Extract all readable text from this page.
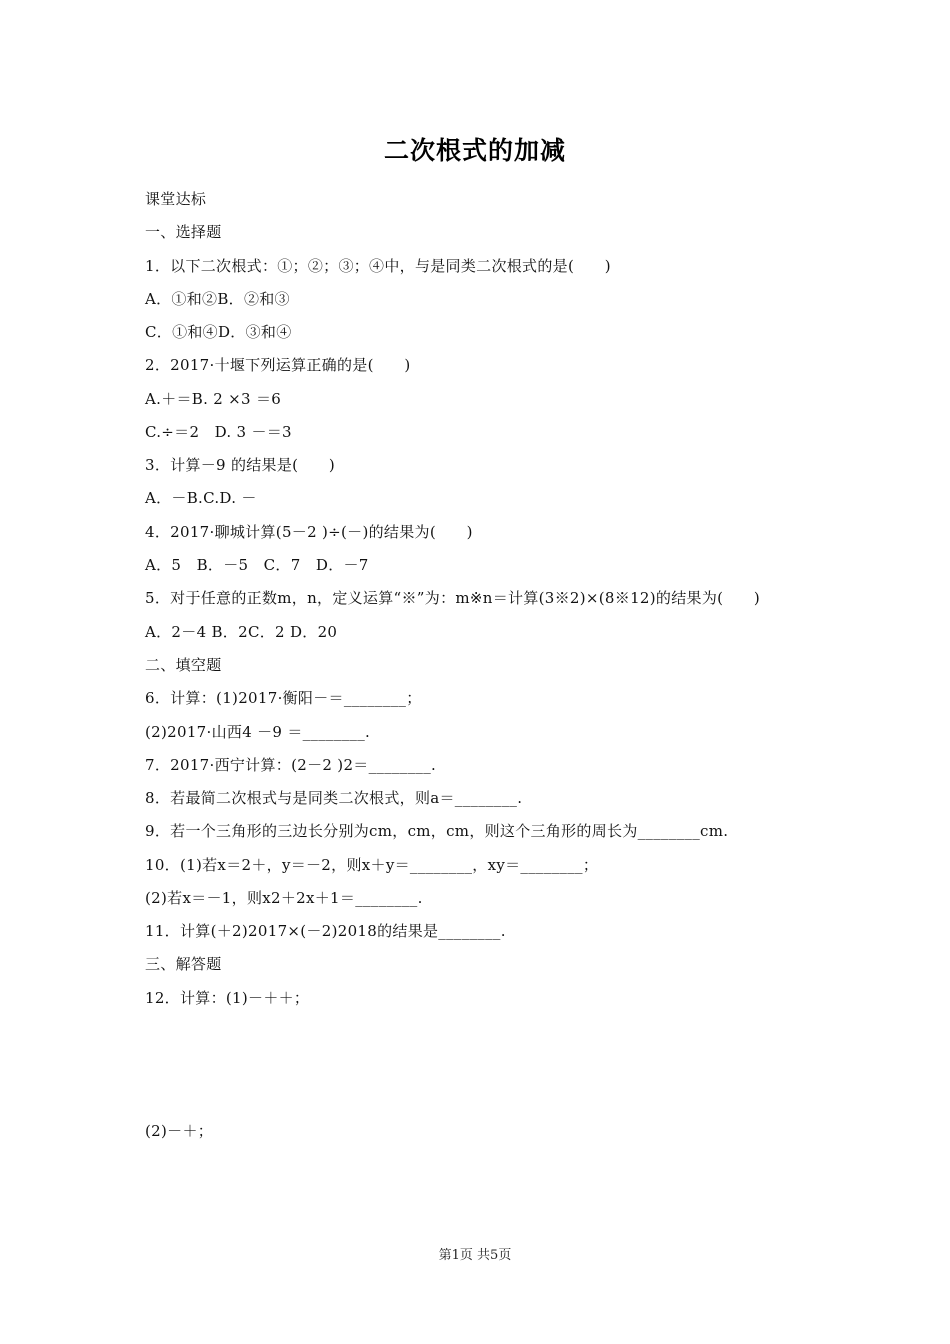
二次根式的加减
课堂达标
一、选择题
1．以下二次根式：①；②；③；④中，与是同类二次根式的是(　　)
A．①和②B．②和③
C．①和④D．③和④
2．2017·十堰下列运算正确的是(　　)
A.＋＝B. 2 ×3 ＝6
C.÷＝2　D. 3 －＝3
3．计算－9 的结果是(　　)
A．－B.C.D. －
4．2017·聊城计算(5－2 )÷(－)的结果为(　　)
A．5　B．－5　C．7　D．－7
5．对于任意的正数m，n，定义运算“※”为：m※n＝计算(3※2)×(8※12)的结果为(　　)
A．2－4 B．2C．2 D．20
二、填空题
6．计算：(1)2017·衡阳－＝________；
(2)2017·山西4 －9 ＝________.
7．2017·西宁计算：(2－2 )2＝________.
8．若最简二次根式与是同类二次根式，则a＝________.
9．若一个三角形的三边长分别为cm，cm，cm，则这个三角形的周长为________cm.
10．(1)若x＝2＋，y＝－2，则x＋y＝________，xy＝________；
(2)若x＝－1，则x2＋2x＋1＝________.
11．计算(＋2)2017×(－2)2018的结果是________.
三、解答题
12．计算：(1)－＋＋；
(2)－＋；
第1页 共5页
